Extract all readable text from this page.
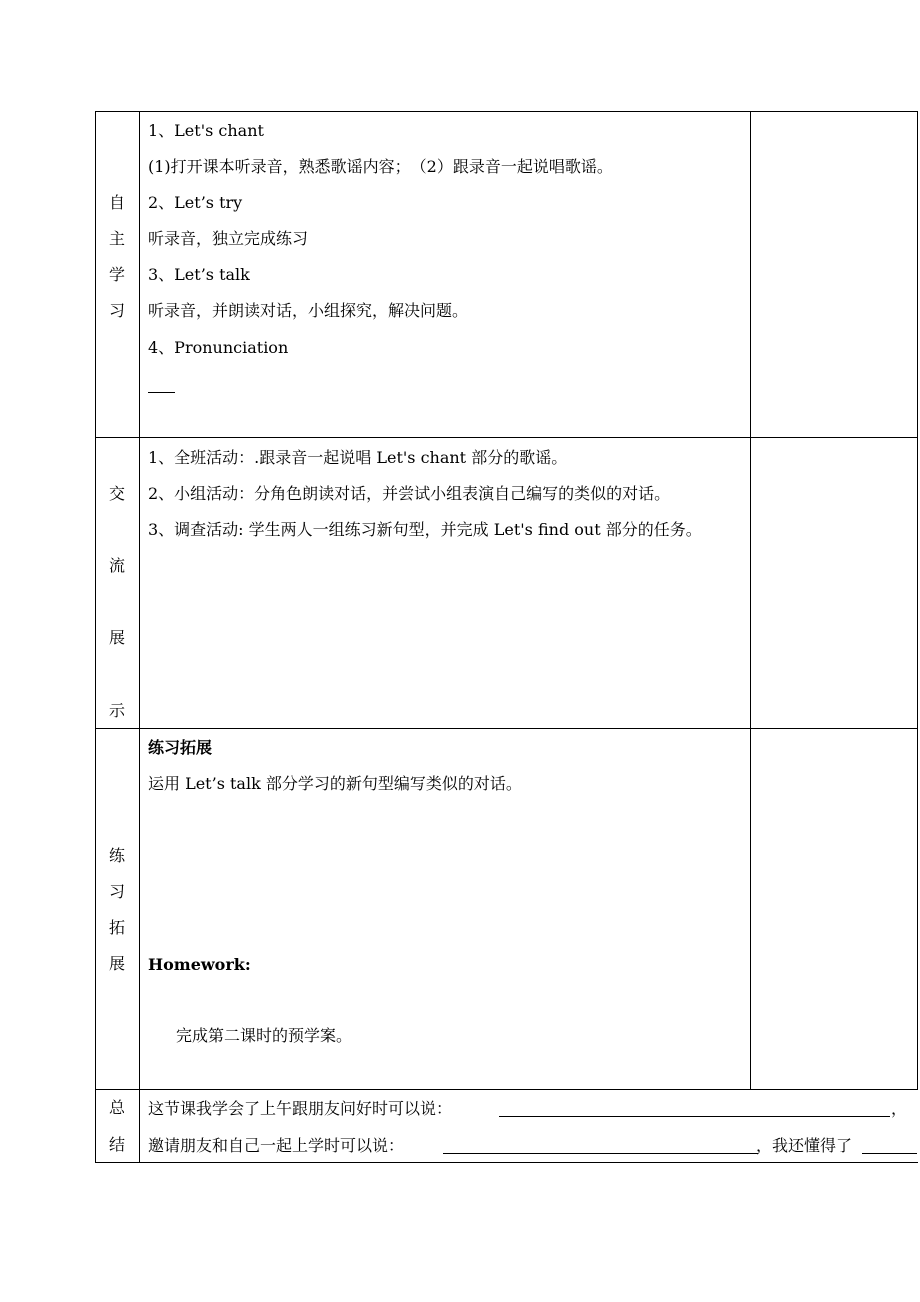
自
主
学
习
1、Let's chant
(1)打开课本听录音，熟悉歌谣内容；　（2）跟录音一起说唱歌谣。
2、Let’s try
听录音，独立完成练习
3、Let’s talk
听录音，并朗读对话，小组探究，解决问题。
4、Pronunciation
交
流
展
示
1、全班活动：.跟录音一起说唱 Let's chant 部分的歌谣。
2、小组活动：分角色朗读对话，并尝试小组表演自己编写的类似的对话。
3、调查活动: 学生两人一组练习新句型，并完成 Let's find out 部分的任务。
练
习
拓
展
练习拓展
运用 Let’s talk 部分学习的新句型编写类似的对话。
Homework:
完成第二课时的预学案。
总
结
这节课我学会了上午跟朋友问好时可以说：	，
邀请朋友和自己一起上学时可以说：	，我还懂得了
